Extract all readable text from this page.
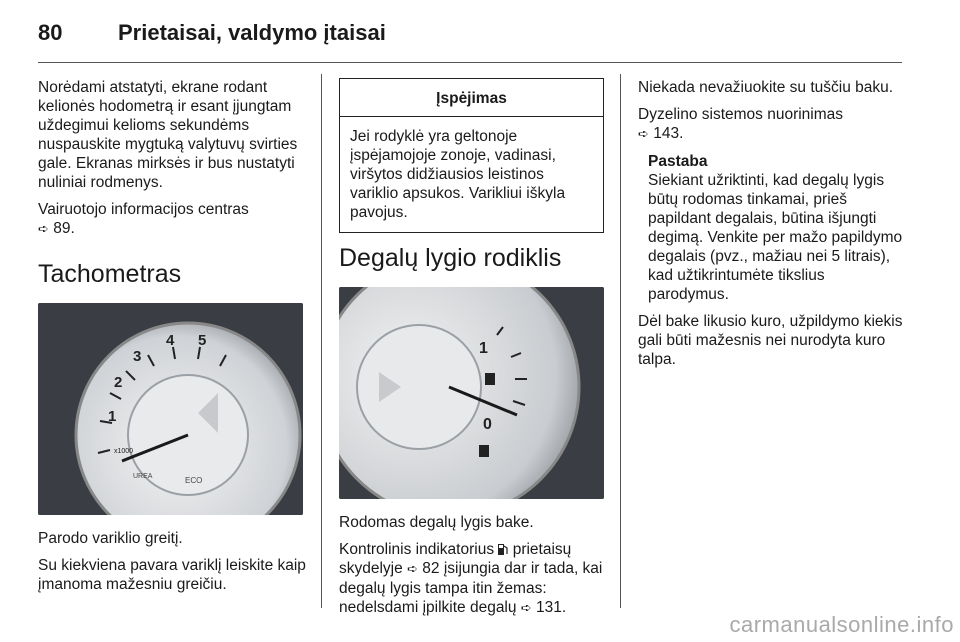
80	Prietaisai, valdymo įtaisai

Norėdami atstatyti, ekrane rodant kelionės hodometrą ir esant įjungtam uždegimui kelioms sekundėms nuspauskite mygtuką valytuvų svirties gale. Ekranas mirksės ir bus nustatyti nuliniai rodmenys.

Vairuotojo informacijos centras
➪ 89.

Tachometras
1
2
3
4 5
x1000
UREA	ECO

Parodo variklio greitį.

Su kiekviena pavara variklį leiskite kaip įmanoma mažesniu greičiu.

Įspėjimas
Jei rodyklė yra geltonoje įspėjamojoje zonoje, vadinasi, viršytos didžiausios leistinos variklio apsukos. Varikliui iškyla pavojus.
Degalų lygio rodiklis
1
0

Rodomas degalų lygis bake.

Kontrolinis indikatorius prietaisų skydelyje ➪ 82 įsijungia dar ir tada, kai degalų lygis tampa itin žemas: nedelsdami įpilkite degalų ➪ 131.

Niekada nevažiuokite su tuščiu baku.

Dyzelino sistemos nuorinimas
➪ 143.

Pastaba
Siekiant užriktinti, kad degalų lygis būtų rodomas tinkamai, prieš papildant degalais, būtina išjungti degimą. Venkite per mažo papildymo degalais (pvz., mažiau nei 5 litrais), kad užtikrintumėte tikslius parodymus.

Dėl bake likusio kuro, užpildymo kiekis gali būti mažesnis nei nurodyta kuro talpa.

carmanualsonline.info
